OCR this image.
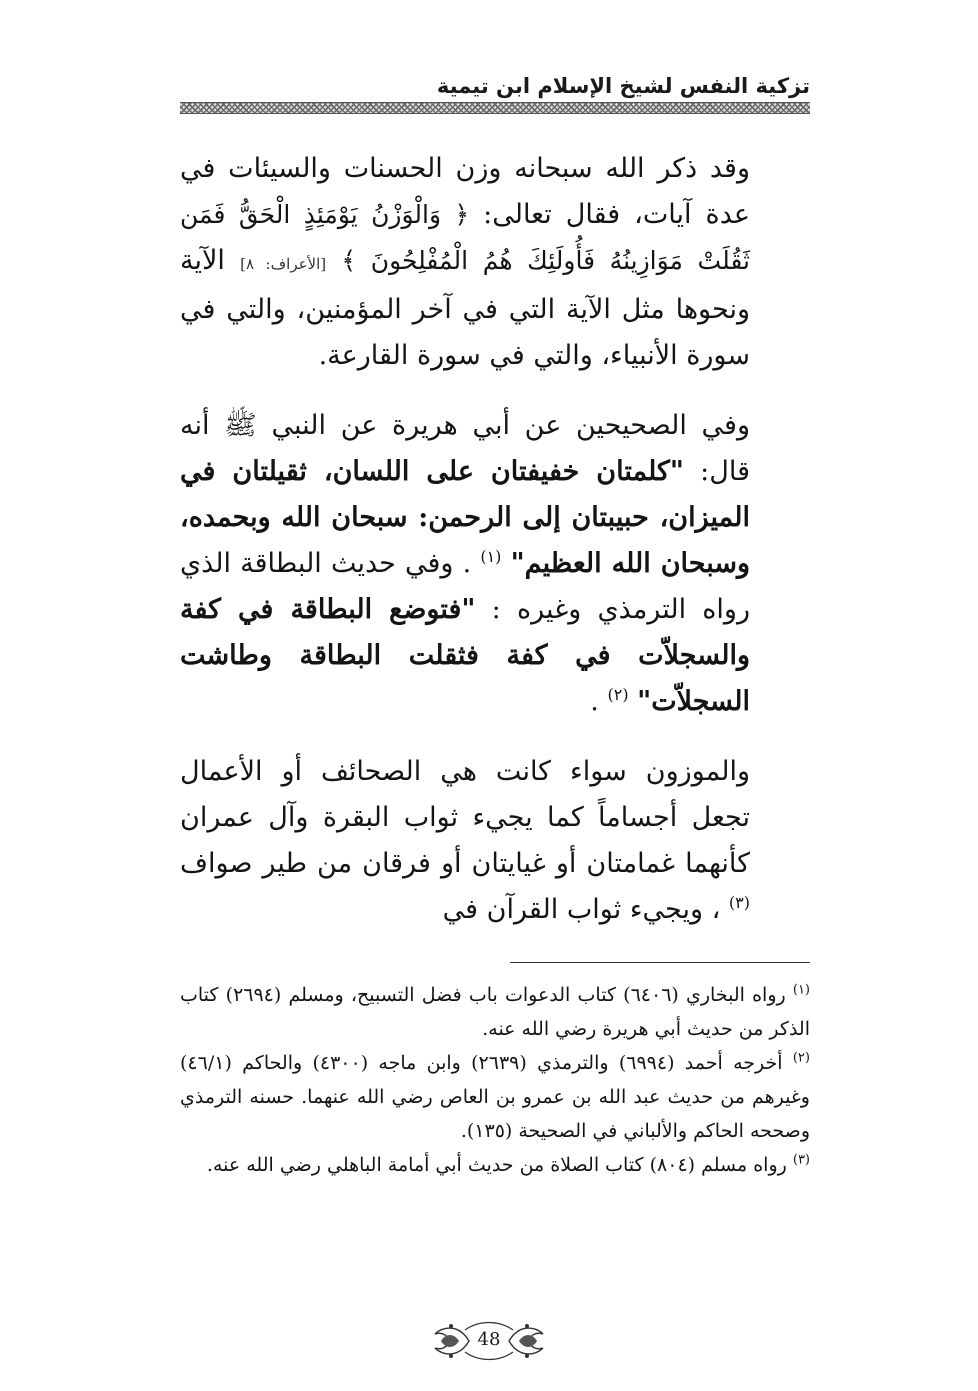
تزكية النفس لشيخ الإسلام ابن تيمية

وقد ذكر الله سبحانه وزن الحسنات والسيئات في عدة آيات، فقال تعالى: ﴿ وَالْوَزْنُ يَوْمَئِذٍ الْحَقُّ فَمَن ثَقُلَتْ مَوَازِينُهُ فَأُولَئِكَ هُمُ الْمُفْلِحُونَ ﴾ [الأعراف: ٨] الآية ونحوها مثل الآية التي في آخر المؤمنين، والتي في سورة الأنبياء، والتي في سورة القارعة.

وفي الصحيحين عن أبي هريرة عن النبي ﷺ أنه قال: "كلمتان خفيفتان على اللسان، ثقيلتان في الميزان، حبيبتان إلى الرحمن: سبحان الله وبحمده، وسبحان الله العظيم" $^{(١)}$ . وفي حديث البطاقة الذي رواه الترمذي وغيره : "فتوضع البطاقة في كفة والسجلاّت في كفة فثقلت البطاقة وطاشت السجلاّت" $^{(٢)}$ .

والموزون سواء كانت هي الصحائف أو الأعمال تجعل أجساماً كما يجيء ثواب البقرة وآل عمران كأنهما غمامتان أو غيايتان أو فرقان من طير صواف $^{(٣)}$ ، ويجيء ثواب القرآن في

$^{(١)}$ رواه البخاري (٦٤٠٦) كتاب الدعوات باب فضل التسبيح، ومسلم (٢٦٩٤) كتاب الذكر من حديث أبي هريرة رضي الله عنه.

$^{(٢)}$ أخرجه أحمد (٦٩٩٤) والترمذي (٢٦٣٩) وابن ماجه (٤٣٠٠) والحاكم (٤٦/١) وغيرهم من حديث عبد الله بن عمرو بن العاص رضي الله عنهما. حسنه الترمذي وصححه الحاكم والألباني في الصحيحة (١٣٥).

$^{(٣)}$ رواه مسلم (٨٠٤) كتاب الصلاة من حديث أبي أمامة الباهلي رضي الله عنه.

48
